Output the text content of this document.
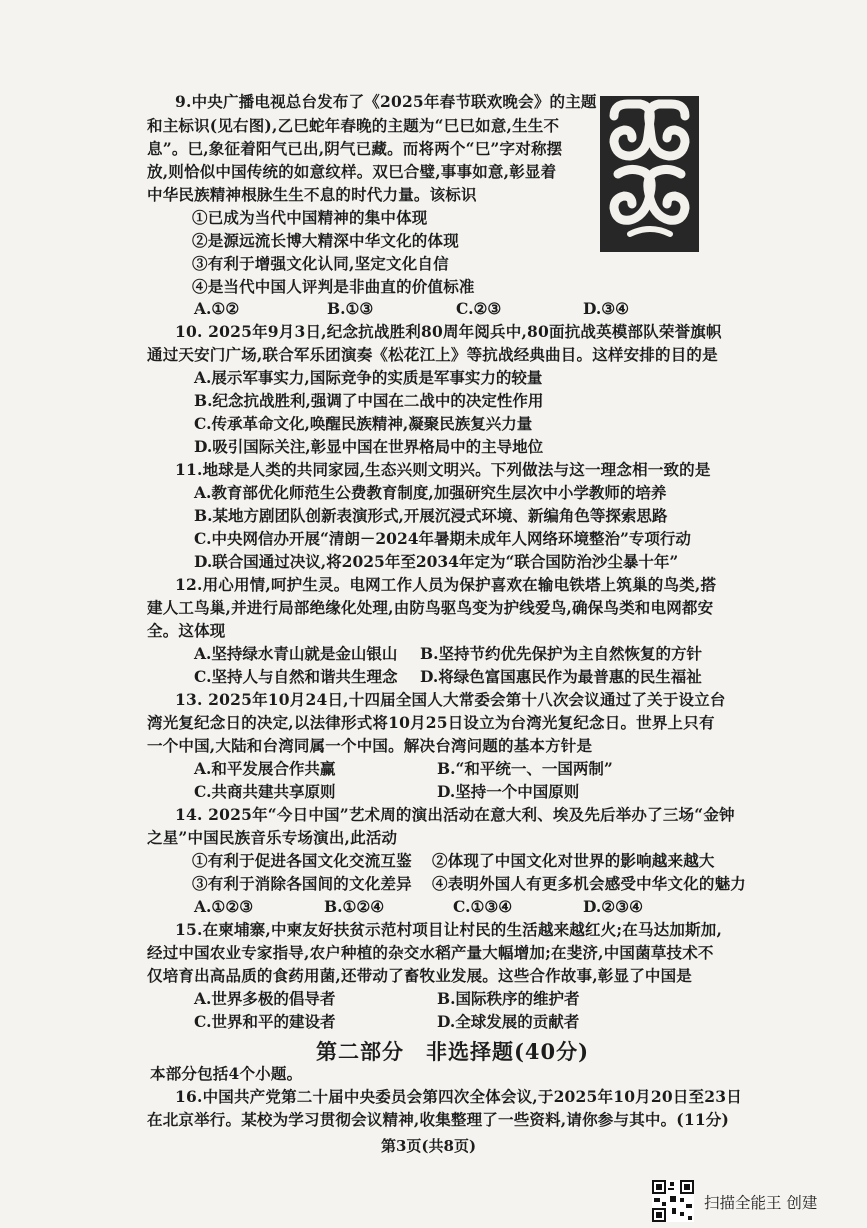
9.中央广播电视总台发布了《2025年春节联欢晚会》的主题
和主标识(见右图),乙巳蛇年春晚的主题为“巳巳如意,生生不
息”。巳,象征着阳气已出,阴气已藏。而将两个“巳”字对称摆
放,则恰似中国传统的如意纹样。双巳合璧,事事如意,彰显着
中华民族精神根脉生生不息的时代力量。该标识
①已成为当代中国精神的集中体现
②是源远流长博大精深中华文化的体现
③有利于增强文化认同,坚定文化自信
④是当代中国人评判是非曲直的价值标准
A.①②	B.①③	C.②③	D.③④
10. 2025年9月3日,纪念抗战胜利80周年阅兵中,80面抗战英模部队荣誉旗帜
通过天安门广场,联合军乐团演奏《松花江上》等抗战经典曲目。这样安排的目的是
A.展示军事实力,国际竞争的实质是军事实力的较量
B.纪念抗战胜利,强调了中国在二战中的决定性作用
C.传承革命文化,唤醒民族精神,凝聚民族复兴力量
D.吸引国际关注,彰显中国在世界格局中的主导地位
11.地球是人类的共同家园,生态兴则文明兴。下列做法与这一理念相一致的是
A.教育部优化师范生公费教育制度,加强研究生层次中小学教师的培养
B.某地方剧团队创新表演形式,开展沉浸式环境、新编角色等探索思路
C.中央网信办开展“清朗－2024年暑期未成年人网络环境整治”专项行动
D.联合国通过决议,将2025年至2034年定为“联合国防治沙尘暴十年”
12.用心用情,呵护生灵。电网工作人员为保护喜欢在输电铁塔上筑巢的鸟类,搭
建人工鸟巢,并进行局部绝缘化处理,由防鸟驱鸟变为护线爱鸟,确保鸟类和电网都安
全。这体现
A.坚持绿水青山就是金山银山 B.坚持节约优先保护为主自然恢复的方针
C.坚持人与自然和谐共生理念 D.将绿色富国惠民作为最普惠的民生福祉
13. 2025年10月24日,十四届全国人大常委会第十八次会议通过了关于设立台
湾光复纪念日的决定,以法律形式将10月25日设立为台湾光复纪念日。世界上只有
一个中国,大陆和台湾同属一个中国。解决台湾问题的基本方针是
A.和平发展合作共赢	B.“和平统一、一国两制”
C.共商共建共享原则	D.坚持一个中国原则
14. 2025年“今日中国”艺术周的演出活动在意大利、埃及先后举办了三场“金钟
之星”中国民族音乐专场演出,此活动
①有利于促进各国文化交流互鉴 ②体现了中国文化对世界的影响越来越大
③有利于消除各国间的文化差异 ④表明外国人有更多机会感受中华文化的魅力
A.①②③	B.①②④	C.①③④	D.②③④
15.在柬埔寨,中柬友好扶贫示范村项目让村民的生活越来越红火;在马达加斯加,
经过中国农业专家指导,农户种植的杂交水稻产量大幅增加;在斐济,中国菌草技术不
仅培育出高品质的食药用菌,还带动了畜牧业发展。这些合作故事,彰显了中国是
A.世界多极的倡导者	B.国际秩序的维护者
C.世界和平的建设者	D.全球发展的贡献者
第二部分　非选择题(40分)
本部分包括4个小题。
16.中国共产党第二十届中央委员会第四次全体会议,于2025年10月20日至23日
在北京举行。某校为学习贯彻会议精神,收集整理了一些资料,请你参与其中。(11分)
第3页(共8页)
扫描全能王 创建
